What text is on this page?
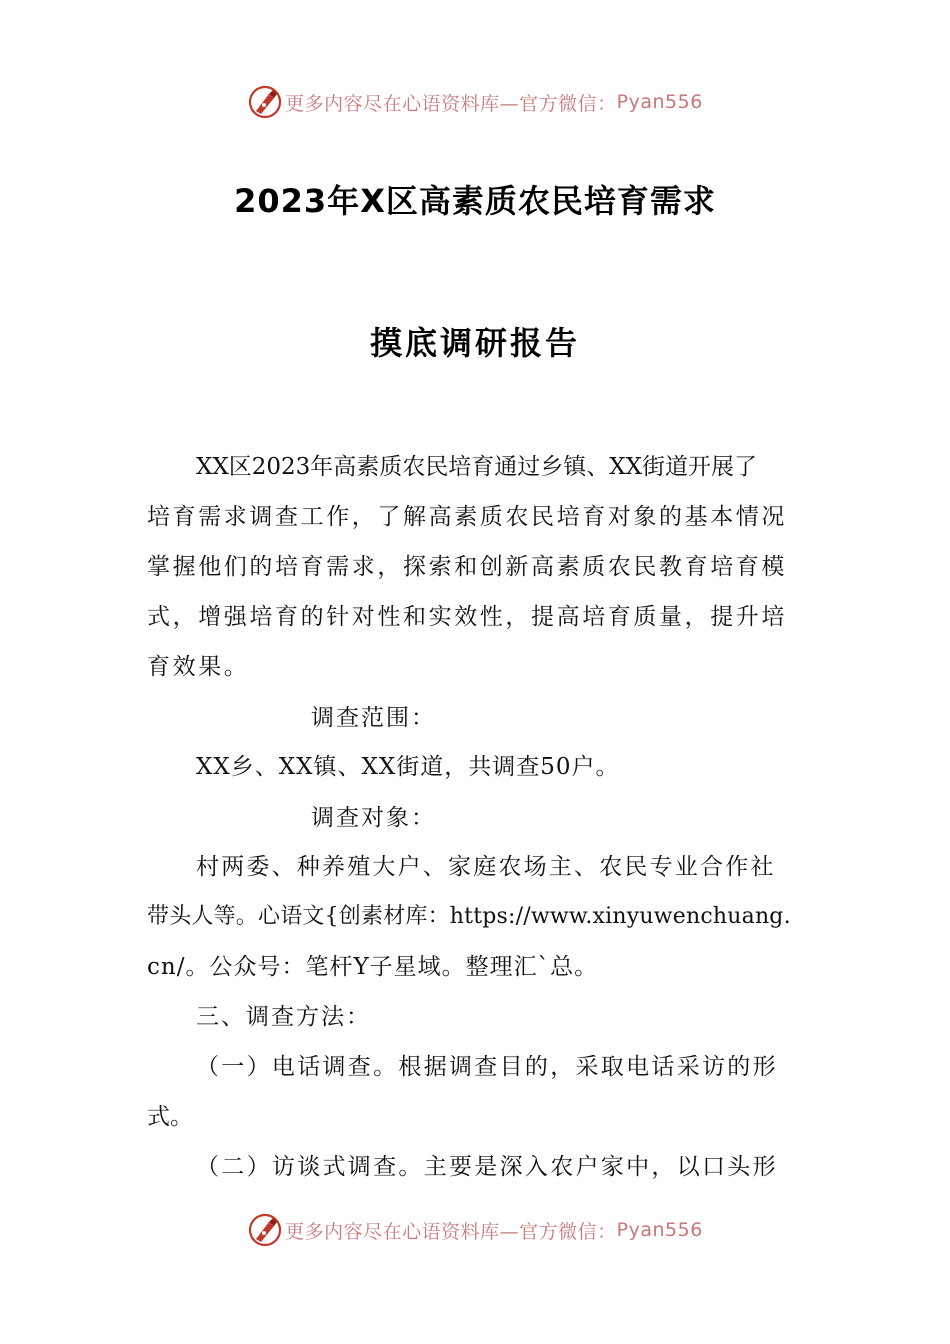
更多内容尽在心语资料库—官方微信： Pyan556
2023年X区高素质农民培育需求
摸底调研报告
XX区2023年高素质农民培育通过乡镇、XX街道开展了
培育需求调查工作，了解高素质农民培育对象的基本情况
掌握他们的培育需求，探索和创新高素质农民教育培育模
式，增强培育的针对性和实效性，提高培育质量，提升培
育效果。
调查范围：
XX乡、XX镇、XX街道，共调查50户。
调查对象：
村两委、种养殖大户、家庭农场主、农民专业合作社
带头人等。心语文{创素材库：https://www.xinyuwenchuang.
cn/。公众号：笔杆Y子星域。整理汇`总。
三、调查方法：
（一）电话调查。根据调查目的，采取电话采访的形
式。
（二）访谈式调查。主要是深入农户家中，以口头形
更多内容尽在心语资料库—官方微信： Pyan556
